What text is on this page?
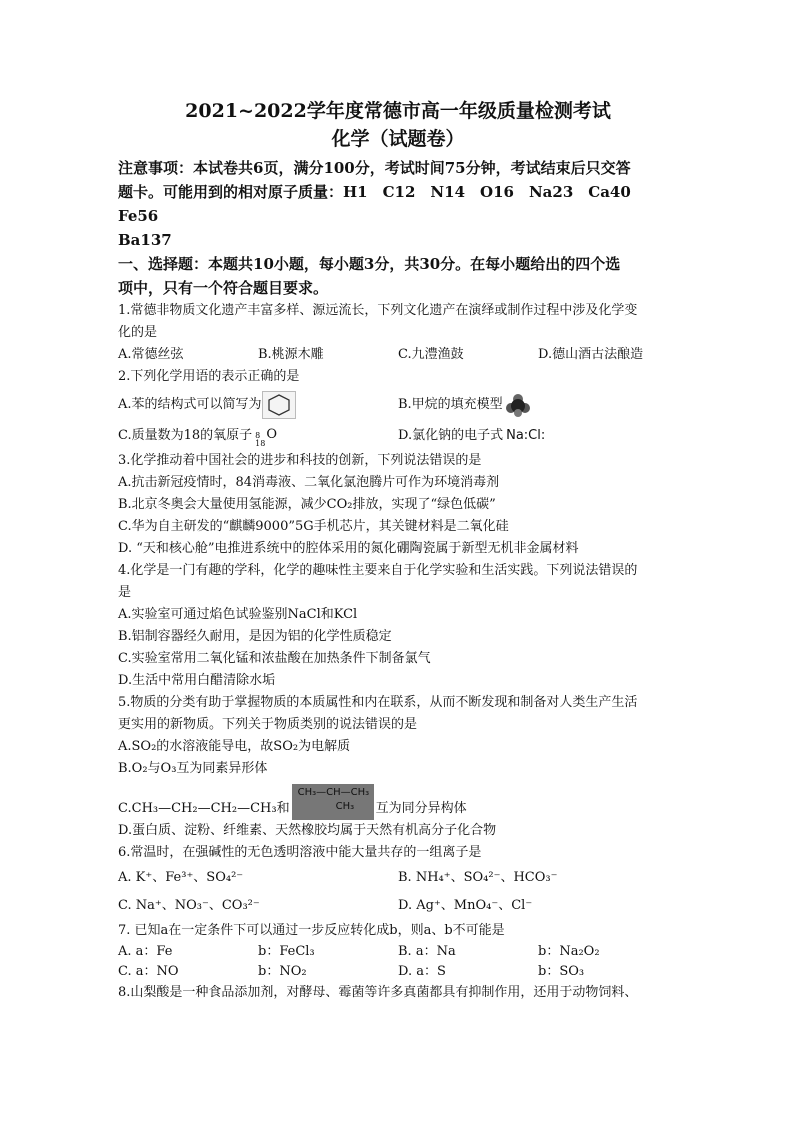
2021~2022学年度常德市高一年级质量检测考试
化学（试题卷）
注意事项：本试卷共6页，满分100分，考试时间75分钟，考试结束后只交答
题卡。可能用到的相对原子质量：H1　C12　N14　O16　Na23　Ca40　Fe56
Ba137
一、选择题：本题共10小题，每小题3分，共30分。在每小题给出的四个选
项中，只有一个符合题目要求。
1.常德非物质文化遗产丰富多样、源远流长，下列文化遗产在演绎或制作过程中涉及化学变
化的是
A.常德丝弦	B.桃源木雕	C.九澧渔鼓	D.德山酒古法酿造
2.下列化学用语的表示正确的是
A.苯的结构式可以简写为	B.甲烷的填充模型
C.质量数为18的氧原子 8
18
O	D.氯化钠的电子式 Na:Cl:
3.化学推动着中国社会的进步和科技的创新，下列说法错误的是
A.抗击新冠疫情时，84消毒液、二氧化氯泡腾片可作为环境消毒剂
B.北京冬奥会大量使用氢能源，减少CO₂排放，实现了“绿色低碳”
C.华为自主研发的“麒麟9000”5G手机芯片，其关键材料是二氧化硅
D. “天和核心舱”电推进系统中的腔体采用的氮化硼陶瓷属于新型无机非金属材料
4.化学是一门有趣的学科，化学的趣味性主要来自于化学实验和生活实践。下列说法错误的
是
A.实验室可通过焰色试验鉴别NaCl和KCl
B.铝制容器经久耐用，是因为铝的化学性质稳定
C.实验室常用二氧化锰和浓盐酸在加热条件下制备氯气
D.生活中常用白醋清除水垢
5.物质的分类有助于掌握物质的本质属性和内在联系，从而不断发现和制备对人类生产生活
更实用的新物质。下列关于物质类别的说法错误的是
A.SO₂的水溶液能导电，故SO₂为电解质
B.O₂与O₃互为同素异形体
C.CH₃—CH₂—CH₂—CH₃和
CH₃—CH—CH₃
CH₃	互为同分异构体
D.蛋白质、淀粉、纤维素、天然橡胶均属于天然有机高分子化合物
6.常温时，在强碱性的无色透明溶液中能大量共存的一组离子是
A. K⁺、Fe³⁺、SO₄²⁻	B. NH₄⁺、SO₄²⁻、HCO₃⁻
C. Na⁺、NO₃⁻、CO₃²⁻	D. Ag⁺、MnO₄⁻、Cl⁻
7. 已知a在一定条件下可以通过一步反应转化成b，则a、b不可能是
A. a：Fe	b：FeCl₃	B. a：Na	b：Na₂O₂
C. a：NO	b：NO₂	D. a：S	b：SO₃
8.山梨酸是一种食品添加剂，对酵母、霉菌等许多真菌都具有抑制作用，还用于动物饲料、
